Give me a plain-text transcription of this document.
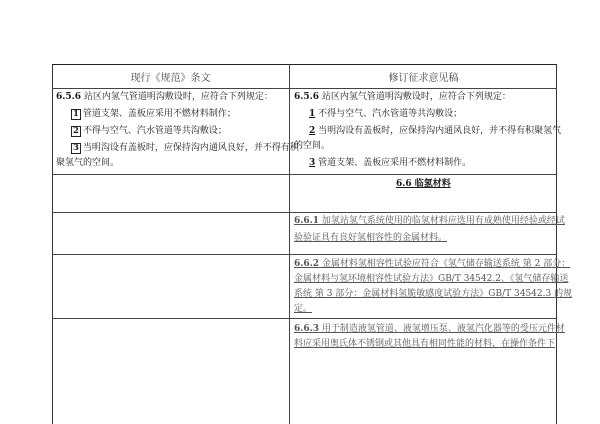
现行《规范》条文	修订征求意见稿
6.5.6 站区内氢气管道明沟敷设时，应符合下列规定：
1 管道支架、盖板应采用不燃材料制作；
2 不得与空气、汽水管道等共沟敷设；
3 当明沟设有盖板时，应保持沟内通风良好，并不得有积
聚氢气的空间。
6.5.6 站区内氢气管道明沟敷设时，应符合下列规定：
1 不得与空气、汽水管道等共沟敷设；
2 当明沟设有盖板时，应保持沟内通风良好，并不得有积聚氢气
的空间。
3 管道支架、盖板应采用不燃材料制作。
6.6 临氢材料
6.6.1 加氢站氢气系统使用的临氢材料应选用有成熟使用经验或经试
验验证具有良好氢相容性的金属材料。
6.6.2 金属材料氢相容性试验应符合《氢气储存输送系统 第 2 部分：
金属材料与氢环境相容性试验方法》GB/T 34542.2、《氢气储存输送
系统 第 3 部分：金属材料氢脆敏感度试验方法》GB/T 34542.3 的规
定。
6.6.3 用于制造液氢管道、液氢增压泵、液氢汽化器等的受压元件材
料应采用奥氏体不锈钢或其他具有相同性能的材料，在操作条件下
